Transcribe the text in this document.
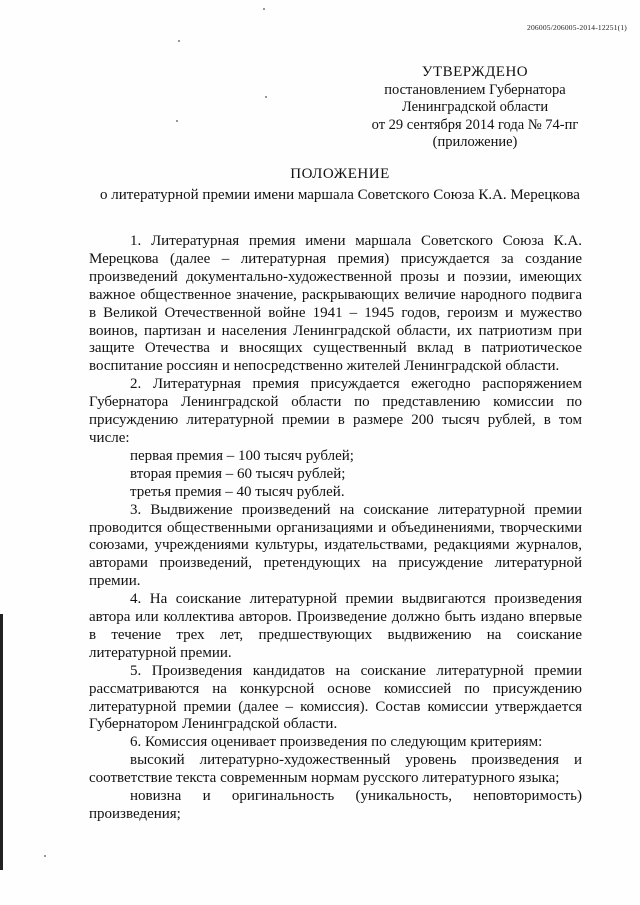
206005/206005-2014-12251(1)
УТВЕРЖДЕНО
постановлением Губернатора
Ленинградской области
от 29 сентября 2014 года № 74-пг
(приложение)
ПОЛОЖЕНИЕ
о литературной премии имени маршала Советского Союза К.А. Мерецкова

1. Литературная премия имени маршала Советского Союза К.А. Мерецкова (далее – литературная премия) присуждается за создание произведений документально-художественной прозы и поэзии, имеющих важное общественное значение, раскрывающих величие народного подвига в Великой Отечественной войне 1941 – 1945 годов, героизм и мужество воинов, партизан и населения Ленинградской области, их патриотизм при защите Отечества и вносящих существенный вклад в патриотическое воспитание россиян и непосредственно жителей Ленинградской области.

2. Литературная премия присуждается ежегодно распоряжением Губернатора Ленинградской области по представлению комиссии по присуждению литературной премии в размере 200 тысяч рублей, в том числе:

первая премия – 100 тысяч рублей;

вторая премия – 60 тысяч рублей;

третья премия – 40 тысяч рублей.

3. Выдвижение произведений на соискание литературной премии проводится общественными организациями и объединениями, творческими союзами, учреждениями культуры, издательствами, редакциями журналов, авторами произведений, претендующих на присуждение литературной премии.

4. На соискание литературной премии выдвигаются произведения автора или коллектива авторов. Произведение должно быть издано впервые в течение трех лет, предшествующих выдвижению на соискание литературной премии.

5. Произведения кандидатов на соискание литературной премии рассматриваются на конкурсной основе комиссией по присуждению литературной премии (далее – комиссия). Состав комиссии утверждается Губернатором Ленинградской области.

6. Комиссия оценивает произведения по следующим критериям:

высокий литературно-художественный уровень произведения и соответствие текста современным нормам русского литературного языка;

новизна и оригинальность (уникальность, неповторимость) произведения;
